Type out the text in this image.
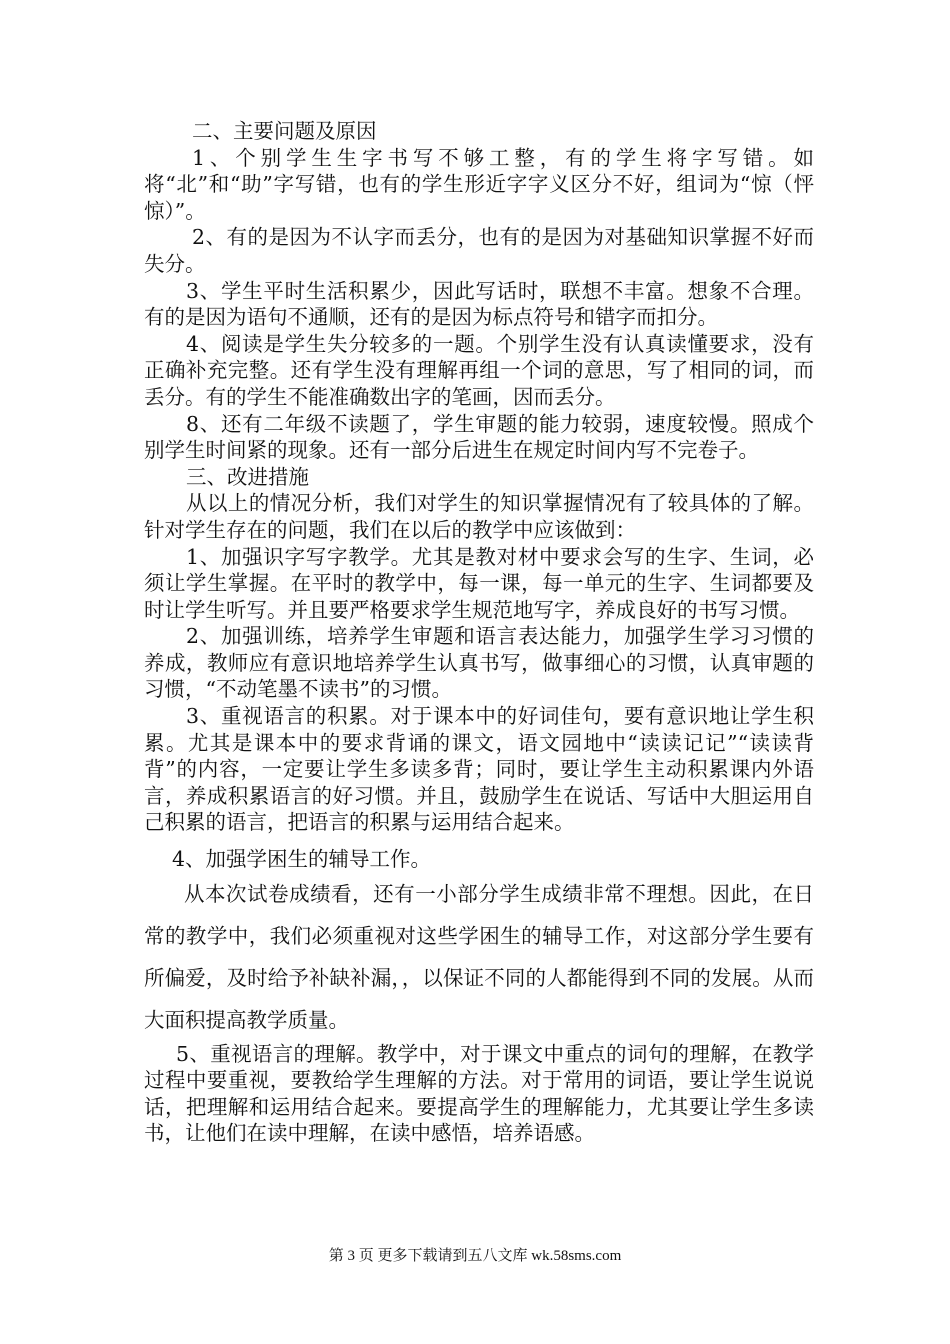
二、主要问题及原因

1、个别学生生字书写不够工整，有的学生将字写错。如将“北”和“助”字写错，也有的学生形近字字义区分不好，组词为“惊（怦惊）”。

2、有的是因为不认字而丢分，也有的是因为对基础知识掌握不好而失分。

3、学生平时生活积累少，因此写话时，联想不丰富。想象不合理。有的是因为语句不通顺，还有的是因为标点符号和错字而扣分。

4、阅读是学生失分较多的一题。个别学生没有认真读懂要求，没有正确补充完整。还有学生没有理解再组一个词的意思，写了相同的词，而丢分。有的学生不能准确数出字的笔画，因而丢分。

8、还有二年级不读题了，学生审题的能力较弱，速度较慢。照成个别学生时间紧的现象。还有一部分后进生在规定时间内写不完卷子。

三、改进措施

从以上的情况分析，我们对学生的知识掌握情况有了较具体的了解。针对学生存在的问题，我们在以后的教学中应该做到：

1、加强识字写字教学。尤其是教对材中要求会写的生字、生词，必须让学生掌握。在平时的教学中，每一课，每一单元的生字、生词都要及时让学生听写。并且要严格要求学生规范地写字，养成良好的书写习惯。

2、加强训练，培养学生审题和语言表达能力，加强学生学习习惯的养成，教师应有意识地培养学生认真书写，做事细心的习惯，认真审题的习惯，“不动笔墨不读书”的习惯。

3、重视语言的积累。对于课本中的好词佳句，要有意识地让学生积累。尤其是课本中的要求背诵的课文，语文园地中“读读记记”“读读背背”的内容，一定要让学生多读多背；同时，要让学生主动积累课内外语言，养成积累语言的好习惯。并且，鼓励学生在说话、写话中大胆运用自己积累的语言，把语言的积累与运用结合起来。

4、加强学困生的辅导工作。

从本次试卷成绩看，还有一小部分学生成绩非常不理想。因此，在日常的教学中，我们必须重视对这些学困生的辅导工作，对这部分学生要有所偏爱，及时给予补缺补漏，，以保证不同的人都能得到不同的发展。从而大面积提高教学质量。

5、重视语言的理解。教学中，对于课文中重点的词句的理解，在教学过程中要重视，要教给学生理解的方法。对于常用的词语，要让学生说说话，把理解和运用结合起来。要提高学生的理解能力，尤其要让学生多读书，让他们在读中理解，在读中感悟，培养语感。

第 3 页 更多下载请到五八文库 wk.58sms.com
